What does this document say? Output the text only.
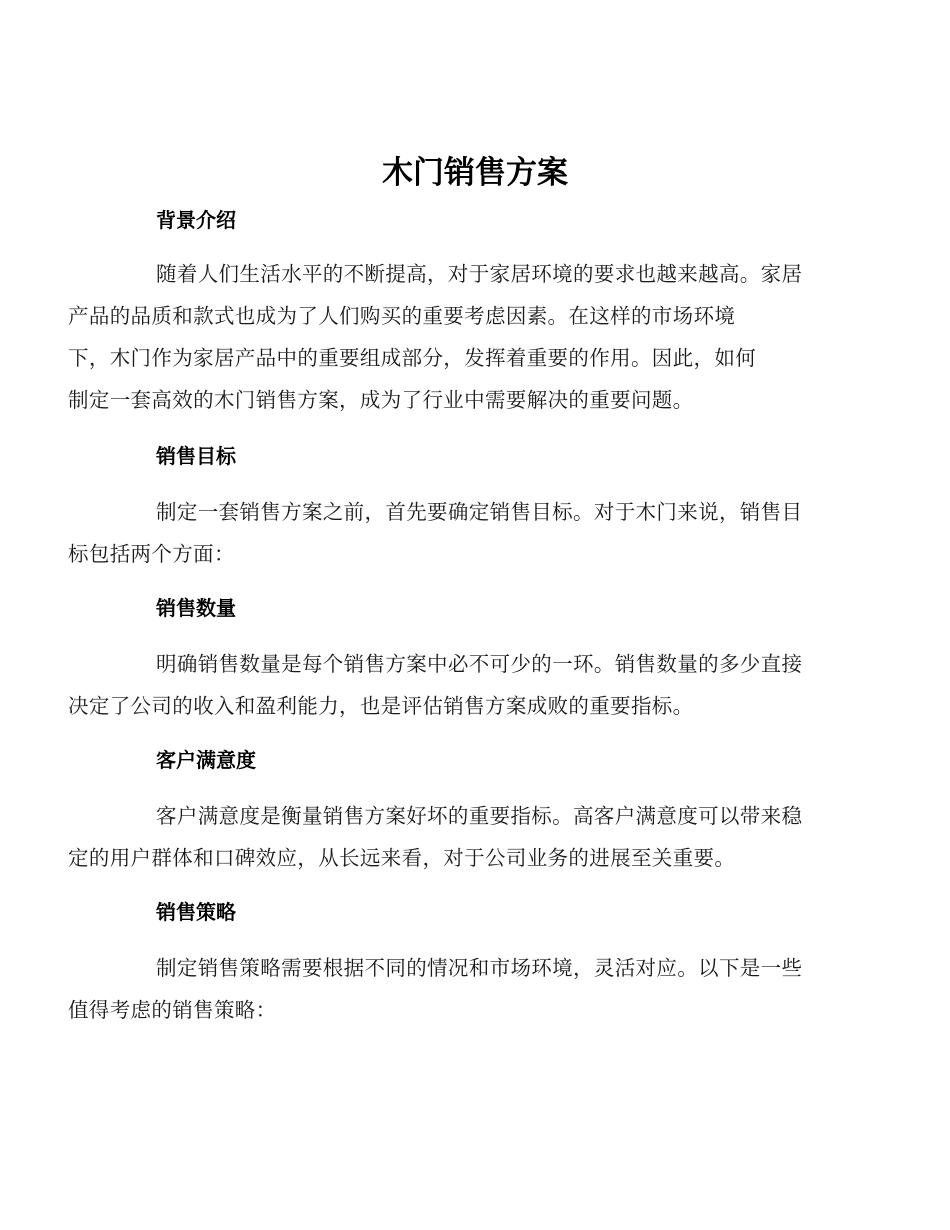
木门销售方案
背景介绍

随着人们生活水平的不断提高，对于家居环境的要求也越来越高。家居
产品的品质和款式也成为了人们购买的重要考虑因素。在这样的市场环境
下，木门作为家居产品中的重要组成部分，发挥着重要的作用。因此，如何
制定一套高效的木门销售方案，成为了行业中需要解决的重要问题。

销售目标

制定一套销售方案之前，首先要确定销售目标。对于木门来说，销售目
标包括两个方面：

销售数量

明确销售数量是每个销售方案中必不可少的一环。销售数量的多少直接
决定了公司的收入和盈利能力，也是评估销售方案成败的重要指标。

客户满意度

客户满意度是衡量销售方案好坏的重要指标。高客户满意度可以带来稳
定的用户群体和口碑效应，从长远来看，对于公司业务的进展至关重要。

销售策略

制定销售策略需要根据不同的情况和市场环境，灵活对应。以下是一些
值得考虑的销售策略：
